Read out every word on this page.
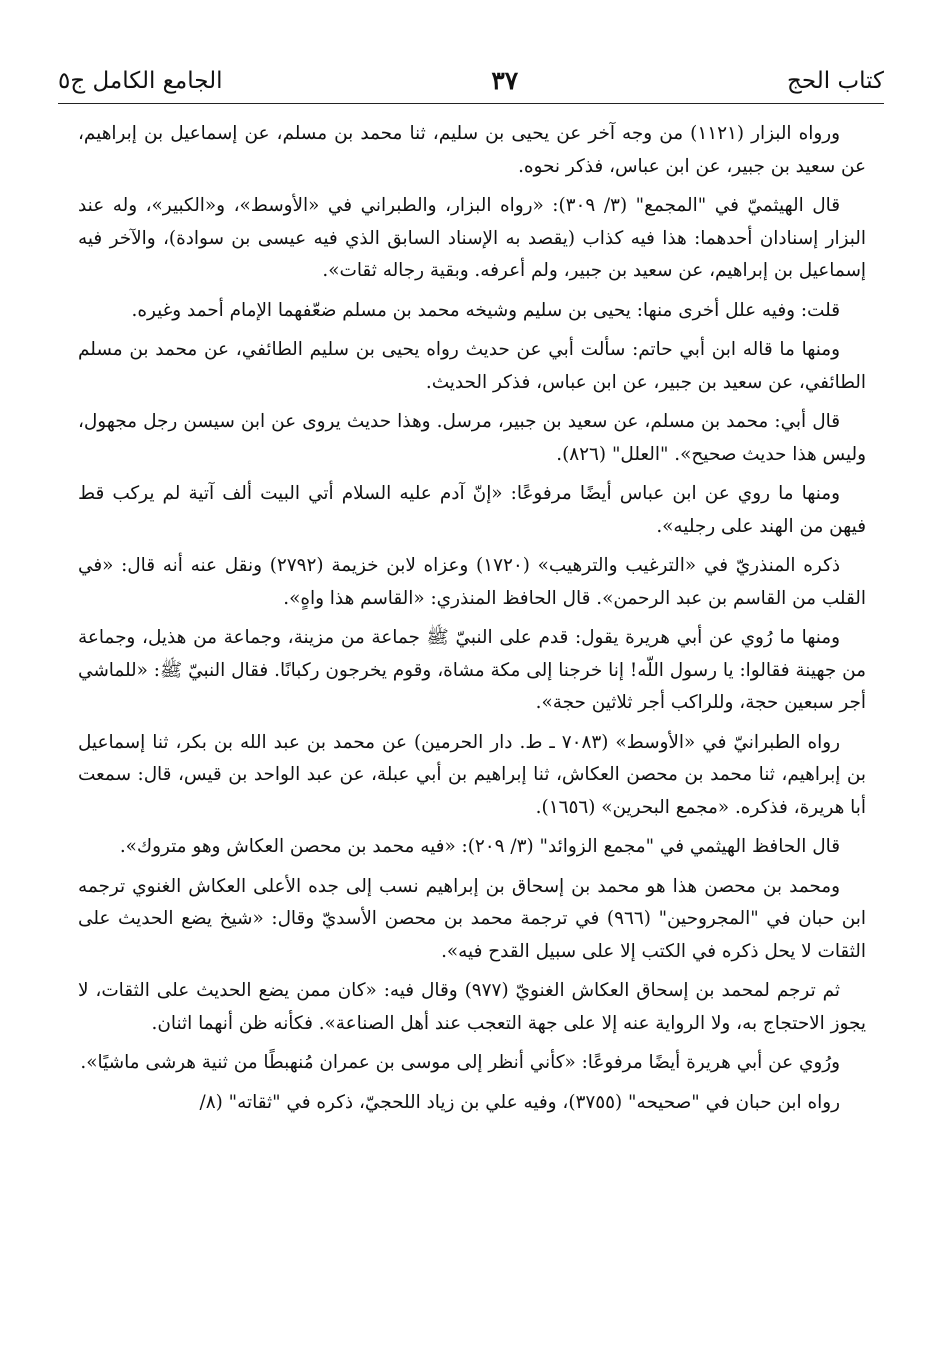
كتاب الحج
٣٧
الجامع الكامل ج٥

ورواه البزار (١١٢١) من وجه آخر عن يحيى بن سليم، ثنا محمد بن مسلم، عن إسماعيل بن إبراهيم، عن سعيد بن جبير، عن ابن عباس، فذكر نحوه.

قال الهيثميّ في "المجمع" (٣/ ٣٠٩): «رواه البزار، والطبراني في «الأوسط»، و«الكبير»، وله عند البزار إسنادان أحدهما: هذا فيه كذاب (يقصد به الإسناد السابق الذي فيه عيسى بن سوادة)، والآخر فيه إسماعيل بن إبراهيم، عن سعيد بن جبير، ولم أعرفه. وبقية رجاله ثقات».

قلت: وفيه علل أخرى منها: يحيى بن سليم وشيخه محمد بن مسلم ضعّفهما الإمام أحمد وغيره.

ومنها ما قاله ابن أبي حاتم: سألت أبي عن حديث رواه يحيى بن سليم الطائفي، عن محمد بن مسلم الطائفي، عن سعيد بن جبير، عن ابن عباس، فذكر الحديث.

قال أبي: محمد بن مسلم، عن سعيد بن جبير، مرسل. وهذا حديث يروى عن ابن سيسن رجل مجهول، وليس هذا حديث صحيح». "العلل" (٨٢٦).

ومنها ما روي عن ابن عباس أيضًا مرفوعًا: «إنّ آدم عليه السلام أتي البيت ألف آتية لم يركب قط فيهن من الهند على رجليه».

ذكره المنذريّ في «الترغيب والترهيب» (١٧٢٠) وعزاه لابن خزيمة (٢٧٩٢) ونقل عنه أنه قال: «في القلب من القاسم بن عبد الرحمن». قال الحافظ المنذري: «القاسم هذا واهٍ».

ومنها ما رُوي عن أبي هريرة يقول: قدم على النبيّ ﷺ جماعة من مزينة، وجماعة من هذيل، وجماعة من جهينة فقالوا: يا رسول اللّه! إنا خرجنا إلى مكة مشاة، وقوم يخرجون ركبانًا. فقال النبيّ ﷺ: «للماشي أجر سبعين حجة، وللراكب أجر ثلاثين حجة».

رواه الطبرانيّ في «الأوسط» (٧٠٨٣ ـ ط. دار الحرمين) عن محمد بن عبد الله بن بكر، ثنا إسماعيل بن إبراهيم، ثنا محمد بن محصن العكاش، ثنا إبراهيم بن أبي عبلة، عن عبد الواحد بن قيس، قال: سمعت أبا هريرة، فذكره. «مجمع البحرين» (١٦٥٦).

قال الحافظ الهيثمي في "مجمع الزوائد" (٣/ ٢٠٩): «فيه محمد بن محصن العكاش وهو متروك».

ومحمد بن محصن هذا هو محمد بن إسحاق بن إبراهيم نسب إلى جده الأعلى العكاش الغنوي ترجمه ابن حبان في "المجروحين" (٩٦٦) في ترجمة محمد بن محصن الأسديّ وقال: «شيخ يضع الحديث على الثقات لا يحل ذكره في الكتب إلا على سبيل القدح فيه».

ثم ترجم لمحمد بن إسحاق العكاش الغنويّ (٩٧٧) وقال فيه: «كان ممن يضع الحديث على الثقات، لا يجوز الاحتجاج به، ولا الرواية عنه إلا على جهة التعجب عند أهل الصناعة». فكأنه ظن أنهما اثنان.

ورُوي عن أبي هريرة أيضًا مرفوعًا: «كأني أنظر إلى موسى بن عمران مُنهبطًا من ثنية هرشى ماشيًا».

رواه ابن حبان في "صحيحه" (٣٧٥٥)، وفيه علي بن زياد اللحجيّ، ذكره في "ثقاته" (٨/
